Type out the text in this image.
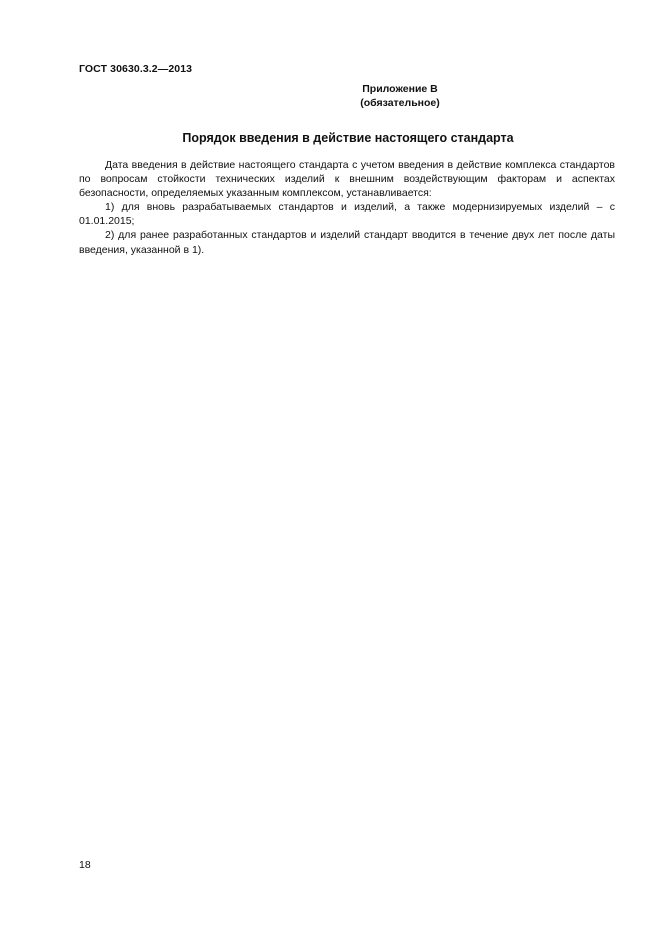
ГОСТ 30630.3.2—2013
Приложение В
(обязательное)
Порядок введения в действие настоящего стандарта

Дата введения в действие настоящего стандарта с учетом введения в действие комплекса стандартов по вопросам стойкости технических изделий к внешним воздействующим факторам и аспектах безопасности, определяемых указанным комплексом, устанавливается:

1) для вновь разрабатываемых стандартов и изделий, а также модернизируемых изделий – с 01.01.2015;

2) для ранее разработанных стандартов и изделий стандарт вводится в течение двух лет после даты введения, указанной в 1).

18
